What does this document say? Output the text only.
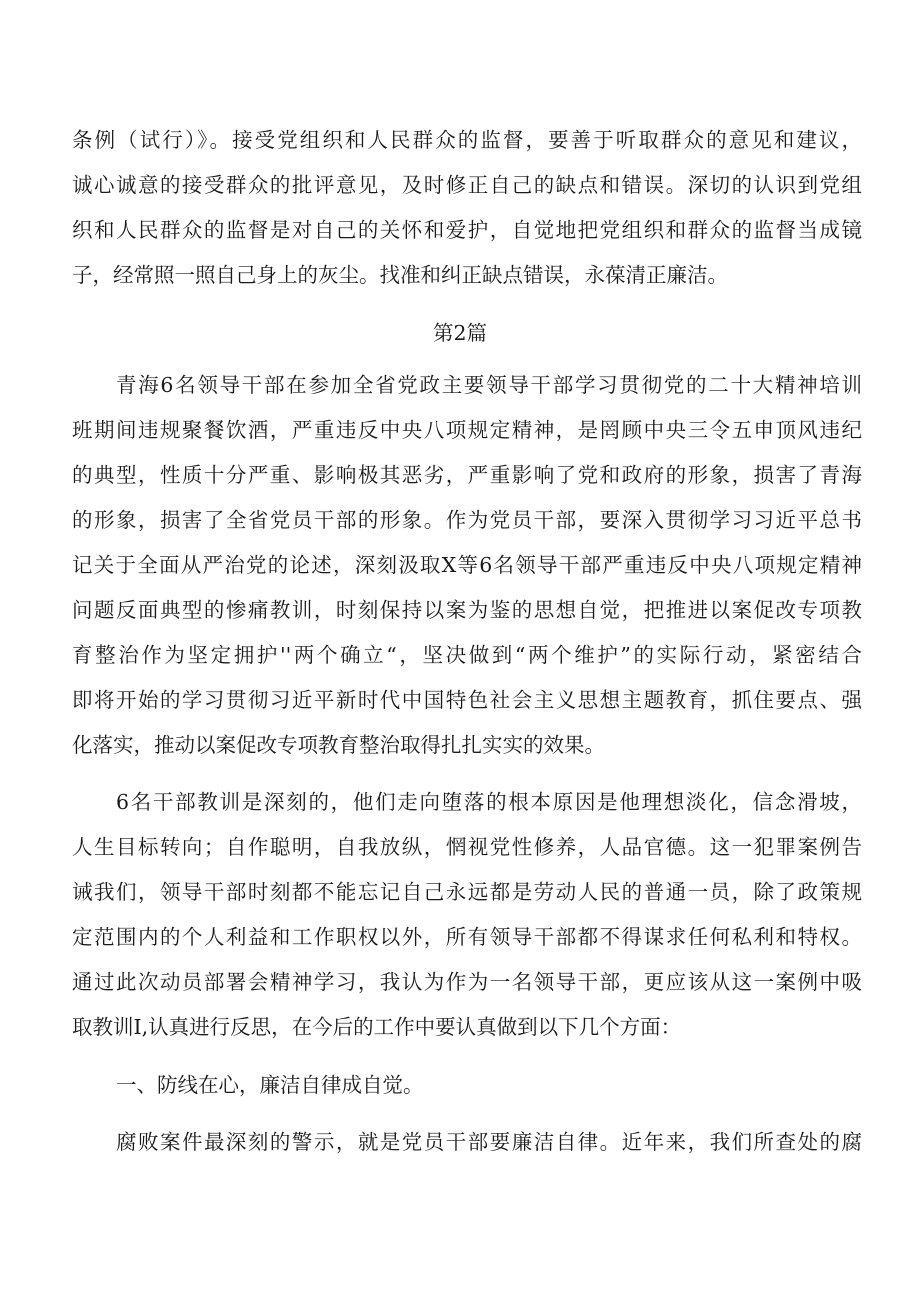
条例（试行）》。接受党组织和人民群众的监督，要善于听取群众的意见和建议，
诚心诚意的接受群众的批评意见，及时修正自己的缺点和错误。深切的认识到党组
织和人民群众的监督是对自己的关怀和爱护，自觉地把党组织和群众的监督当成镜
子，经常照一照自己身上的灰尘。找准和纠正缺点错误，永葆清正廉洁。
第2篇
青海6名领导干部在参加全省党政主要领导干部学习贯彻党的二十大精神培训
班期间违规聚餐饮酒，严重违反中央八项规定精神，是罔顾中央三令五申顶风违纪
的典型，性质十分严重、影响极其恶劣，严重影响了党和政府的形象，损害了青海
的形象，损害了全省党员干部的形象。作为党员干部，要深入贯彻学习习近平总书
记关于全面从严治党的论述，深刻汲取X等6名领导干部严重违反中央八项规定精神
问题反面典型的惨痛教训，时刻保持以案为鉴的思想自觉，把推进以案促改专项教
育整治作为坚定拥护''两个确立“，坚决做到“两个维护”的实际行动，紧密结合
即将开始的学习贯彻习近平新时代中国特色社会主义思想主题教育，抓住要点、强
化落实，推动以案促改专项教育整治取得扎扎实实的效果。
6名干部教训是深刻的，他们走向堕落的根本原因是他理想淡化，信念滑坡，
人生目标转向；自作聪明，自我放纵，惘视党性修养，人品官德。这一犯罪案例告
诫我们，领导干部时刻都不能忘记自己永远都是劳动人民的普通一员，除了政策规
定范围内的个人利益和工作职权以外，所有领导干部都不得谋求任何私利和特权。
通过此次动员部署会精神学习，我认为作为一名领导干部，更应该从这一案例中吸
取教训I,认真进行反思，在今后的工作中要认真做到以下几个方面：
一、防线在心，廉洁自律成自觉。
腐败案件最深刻的警示，就是党员干部要廉洁自律。近年来，我们所查处的腐
